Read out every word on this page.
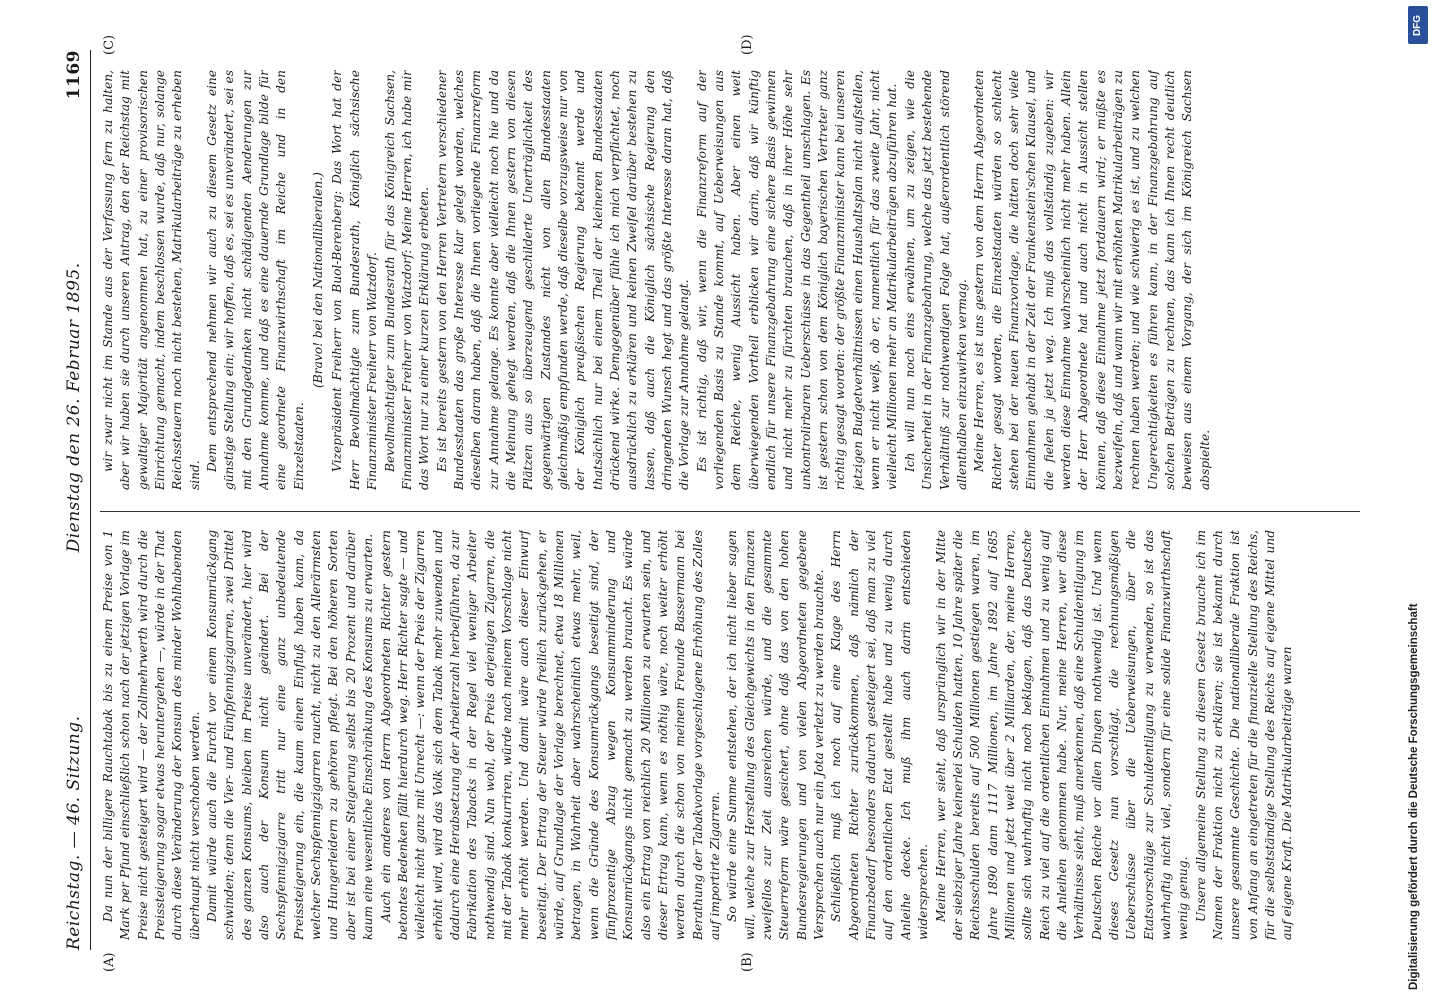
Reichstag. — 46. Sitzung.
Dienstag den 26. Februar 1895.
1169
(A)	(B)
(C)	(D)

Da nun der billigere Rauchtabak bis zu einem Preise von 1 Mark per Pfund einschließlich schon nach der jetzigen Vorlage im Preise nicht gesteigert wird — der Zollmehrwerth wird durch die Preissteigerung sogar etwas heruntergehen —, würde in der That durch diese Veränderung der Konsum des minder Wohlhabenden überhaupt nicht verschoben werden. Damit würde auch die Furcht vor einem Konsumrückgang schwinden; denn die Vier- und Fünfpfennigzigarren, zwei Drittel des ganzen Konsums, bleiben im Preise unverändert, hier wird also auch der Konsum nicht geändert. Bei der Sechspfennigzigarre tritt nur eine ganz unbedeutende Preissteigerung ein, die kaum einen Einfluß haben kann, da welcher Sechspfennigzigarren raucht, nicht zu den Allerärmsten und Hungerleidern zu gehören pflegt. Bei den höheren Sorten aber ist bei einer Steigerung selbst bis 20 Prozent und darüber kaum eine wesentliche Einschränkung des Konsums zu erwarten. Auch ein anderes von Herrn Abgeordneten Richter gestern betontes Bedenken fällt hierdurch weg. Herr Richter sagte — und vielleicht nicht ganz mit Unrecht —: wenn der Preis der Zigarren erhöht wird, wird das Volk sich dem Tabak mehr zuwenden und dadurch eine Herabsetzung der Arbeiterzahl herbeiführen, da zur Fabrikation des Tabacks in der Regel viel weniger Arbeiter nothwendig sind. Nun wohl, der Preis derjenigen Zigarren, die mit der Tabak konkurriren, würde nach meinem Vorschlage nicht mehr erhöht werden. Und damit wäre auch dieser Einwurf beseitigt. Der Ertrag der Steuer würde freilich zurückgehen, er würde, auf Grundlage der Vorlage berechnet, etwa 18 Millionen betragen, in Wahrheit aber wahrscheinlich etwas mehr, weil, wenn die Gründe des Konsumrückgangs beseitigt sind, der fünfprozentige Abzug wegen Konsumminderung und Konsumrückgangs nicht gemacht zu werden braucht. Es würde also ein Ertrag von reichlich 20 Millionen zu erwarten sein, und dieser Ertrag kann, wenn es nöthig wäre, noch weiter erhöht werden durch die schon von meinem Freunde Bassermann bei Berathung der Tabakvorlage vorgeschlagene Erhöhung des Zolles auf importirte Zigarren. So würde eine Summe entstehen, der ich nicht lieber sagen will, welche zur Herstellung des Gleichgewichts in den Finanzen zweifellos zur Zeit ausreichen würde, und die gesammte Steuerreform wäre gesichert, ohne daß das von den hohen Bundesregierungen und von vielen Abgeordneten gegebene Versprechen auch nur ein Jota verletzt zu werden brauchte. Schließlich muß ich noch auf eine Klage des Herrn Abgeordneten Richter zurückkommen, daß nämlich der Finanzbedarf besonders dadurch gesteigert sei, daß man zu viel auf den ordentlichen Etat gestellt habe und zu wenig durch Anleihe decke. Ich muß ihm auch darin entschieden widersprechen. Meine Herren, wer sieht, daß ursprünglich wir in der Mitte der siebziger Jahre keinerlei Schulden hatten, 10 Jahre später die Reichsschulden bereits auf 500 Millionen gestiegen waren, im Jahre 1890 dann 1117 Millionen, im Jahre 1892 auf 1685 Millionen und jetzt weit über 2 Milliarden, der, meine Herren, sollte sich wahrhaftig nicht noch beklagen, daß das Deutsche Reich zu viel auf die ordentlichen Einnahmen und zu wenig auf die Anleihen genommen habe. Nur, meine Herren, wer diese Verhältnisse sieht, muß anerkennen, daß eine Schuldentilgung im Deutschen Reiche vor allen Dingen nothwendig ist. Und wenn dieses Gesetz nun vorschlägt, die rechnungsmäßigen Ueberschüsse über die Ueberweisungen, über die Etatsvorschläge zur Schuldentilgung zu verwenden, so ist das wahrhaftig nicht viel, sondern für eine solide Finanzwirthschaft wenig genug. Unsere allgemeine Stellung zu diesem Gesetz brauche ich im Namen der Fraktion nicht zu erklären; sie ist bekannt durch unsere gesammte Geschichte. Die nationalliberale Fraktion ist von Anfang an eingetreten für die finanzielle Stellung des Reichs, für die selbstständige Stellung des Reichs auf eigene Mittel und auf eigene Kraft. Die Matrikularbeiträge waren

wir zwar nicht im Stande aus der Verfassung fern zu halten, aber wir haben sie durch unseren Antrag, den der Reichstag mit gewaltiger Majorität angenommen hat, zu einer provisorischen Einrichtung gemacht, indem beschlossen wurde, daß nur, solange Reichssteuern noch nicht bestehen, Matrikularbeiträge zu erheben sind.

Dem entsprechend nehmen wir auch zu diesem Gesetz eine günstige Stellung ein; wir hoffen, daß es, sei es unverändert, sei es mit den Grundgedanken nicht schädigenden Aenderungen zur Annahme komme, und daß es eine dauernde Grundlage bilde für eine geordnete Finanzwirthschaft im Reiche und in den Einzelstaaten.

(Bravo! bei den Nationalliberalen.) Vizepräsident Freiherr von Buol-Berenberg: Das Wort hat der Herr Bevollmächtigte zum Bundesrath, Königlich sächsische Finanzminister Freiherr von Watzdorf. Bevollmächtigter zum Bundesrath für das Königreich Sachsen, Finanzminister Freiherr von Watzdorf: Meine Herren, ich habe mir das Wort nur zu einer kurzen Erklärung erbeten. Es ist bereits gestern von den Herren Vertretern verschiedener Bundesstaaten das große Interesse klar gelegt worden, welches dieselben daran haben, daß die Ihnen vorliegende Finanzreform zur Annahme gelange. Es konnte aber vielleicht noch hie und da die Meinung gehegt werden, daß die Ihnen gestern von diesen Plätzen aus so überzeugend geschilderte Unerträglichkeit des gegenwärtigen Zustandes nicht von allen Bundesstaaten gleichmäßig empfunden werde, daß dieselbe vorzugsweise nur von der Königlich preußischen Regierung bekannt werde und thatsächlich nur bei einem Theil der kleineren Bundesstaaten drückend wirke. Demgegenüber fühle ich mich verpflichtet, noch ausdrücklich zu erklären und keinen Zweifel darüber bestehen zu lassen, daß auch die Königlich sächsische Regierung den dringenden Wunsch hegt und das größte Interesse daran hat, daß die Vorlage zur Annahme gelangt. Es ist richtig, daß wir, wenn die Finanzreform auf der vorliegenden Basis zu Stande kommt, auf Ueberweisungen aus dem Reiche, wenig Aussicht haben. Aber einen weit überwiegenden Vortheil erblicken wir darin, daß wir künftig endlich für unsere Finanzgebahrung eine sichere Basis gewinnen und nicht mehr zu fürchten brauchen, daß in ihrer Höhe sehr unkontrolirbaren Ueberschüsse in das Gegentheil umschlagen. Es ist gestern schon von dem Königlich bayerischen Vertreter ganz richtig gesagt worden: der größte Finanzminister kann bei unseren jetzigen Budgetverhältnissen einen Haushaltsplan nicht aufstellen, wenn er nicht weiß, ob er, namentlich für das zweite Jahr, nicht vielleicht Millionen mehr an Matrikularbeiträgen abzuführen hat. Ich will nun noch eins erwähnen, um zu zeigen, wie die Unsicherheit in der Finanzgebahrung, welche das jetzt bestehende Verhältniß zur nothwendigen Folge hat, außerordentlich störend allenthalben einzuwirken vermag. Meine Herren, es ist uns gestern von dem Herrn Abgeordneten Richter gesagt worden, die Einzelstaaten würden so schlecht stehen bei der neuen Finanzvorlage, die hätten doch sehr viele Einnahmen gehabt in der Zeit der Frankenstein'schen Klausel, und die fielen ja jetzt weg. Ich muß das vollständig zugeben: wir werden diese Einnahme wahrscheinlich nicht mehr haben. Allein der Herr Abgeordnete hat und auch nicht in Aussicht stellen können, daß diese Einnahme jetzt fortdauern wird; er müßte es bezweifeln, daß und wann wir mit erhöhten Matrikularbeiträgen zu rechnen haben werden; und wie schwierig es ist, und zu welchen Ungerechtigkeiten es führen kann, in der Finanzgebahrung auf solchen Beträgen zu rechnen, das kann ich Ihnen recht deutlich beweisen aus einem Vorgang, der sich im Königreich Sachsen abspielte.

DFG
Digitalisierung gefördert durch die Deutsche Forschungsgemeinschaft
